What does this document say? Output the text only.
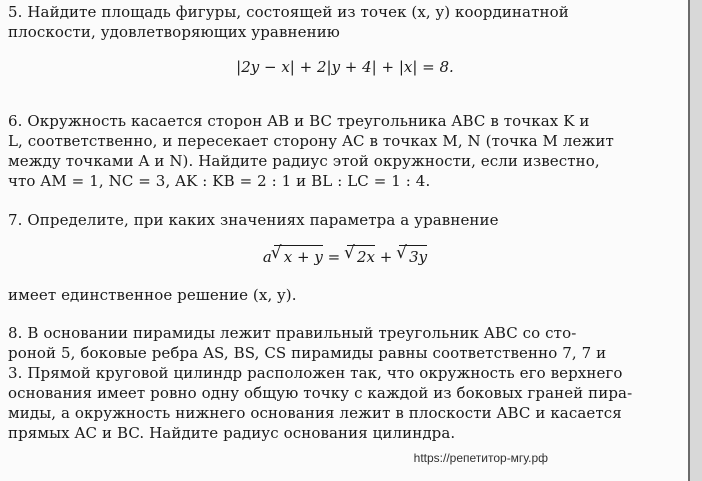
5. Найдите площадь фигуры, состоящей из точек (x, y) координатной
плоскости, удовлетворяющих уравнению
|2y − x| + 2|y + 4| + |x| = 8.
6. Окружность касается сторон AB и BC треугольника ABC в точках K и
L, соответственно, и пересекает сторону AC в точках M, N (точка M лежит
между точками A и N). Найдите радиус этой окружности, если известно,
что AM = 1, NC = 3, AK : KB = 2 : 1 и BL : LC = 1 : 4.
7. Определите, при каких значениях параметра a уравнение
a √ x + y = √ 2x + √ 3y
имеет единственное решение (x, y).
8. В основании пирамиды лежит правильный треугольник ABC со сто-
роной 5, боковые ребра AS, BS, CS пирамиды равны соответственно 7, 7 и
3. Прямой круговой цилиндр расположен так, что окружность его верхнего
основания имеет ровно одну общую точку с каждой из боковых граней пира-
миды, а окружность нижнего основания лежит в плоскости ABC и касается
прямых AC и BC. Найдите радиус основания цилиндра.
https://репетитор-мгу.рф
